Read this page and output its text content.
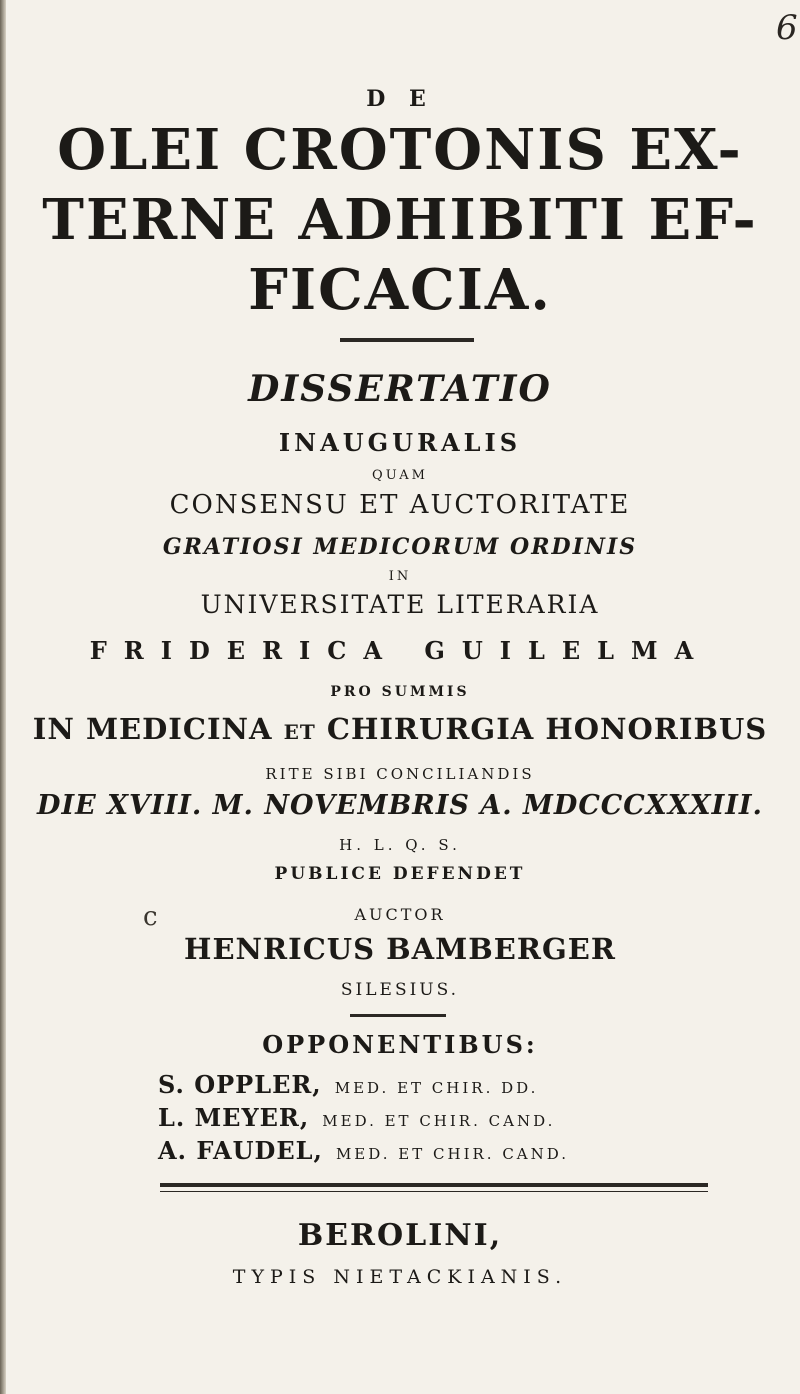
6
D E
OLEI CROTONIS EX-
TERNE ADHIBITI EF-
FICACIA.
DISSERTATIO
INAUGURALIS
QUAM
CONSENSU ET AUCTORITATE
GRATIOSI MEDICORUM ORDINIS
IN
UNIVERSITATE LITERARIA
FRIDERICA GUILELMA
PRO SUMMIS
IN MEDICINA ET CHIRURGIA HONORIBUS
RITE SIBI CONCILIANDIS
DIE XVIII. M. NOVEMBRIS A. MDCCCXXXIII.
H. L. Q. S.
PUBLICE DEFENDET
c	AUCTOR
HENRICUS BAMBERGER
SILESIUS.
OPPONENTIBUS:
S. OPPLER, MED. ET CHIR. DD.
L. MEYER, MED. ET CHIR. CAND.
A. FAUDEL, MED. ET CHIR. CAND.
BEROLINI,
TYPIS NIETACKIANIS.
